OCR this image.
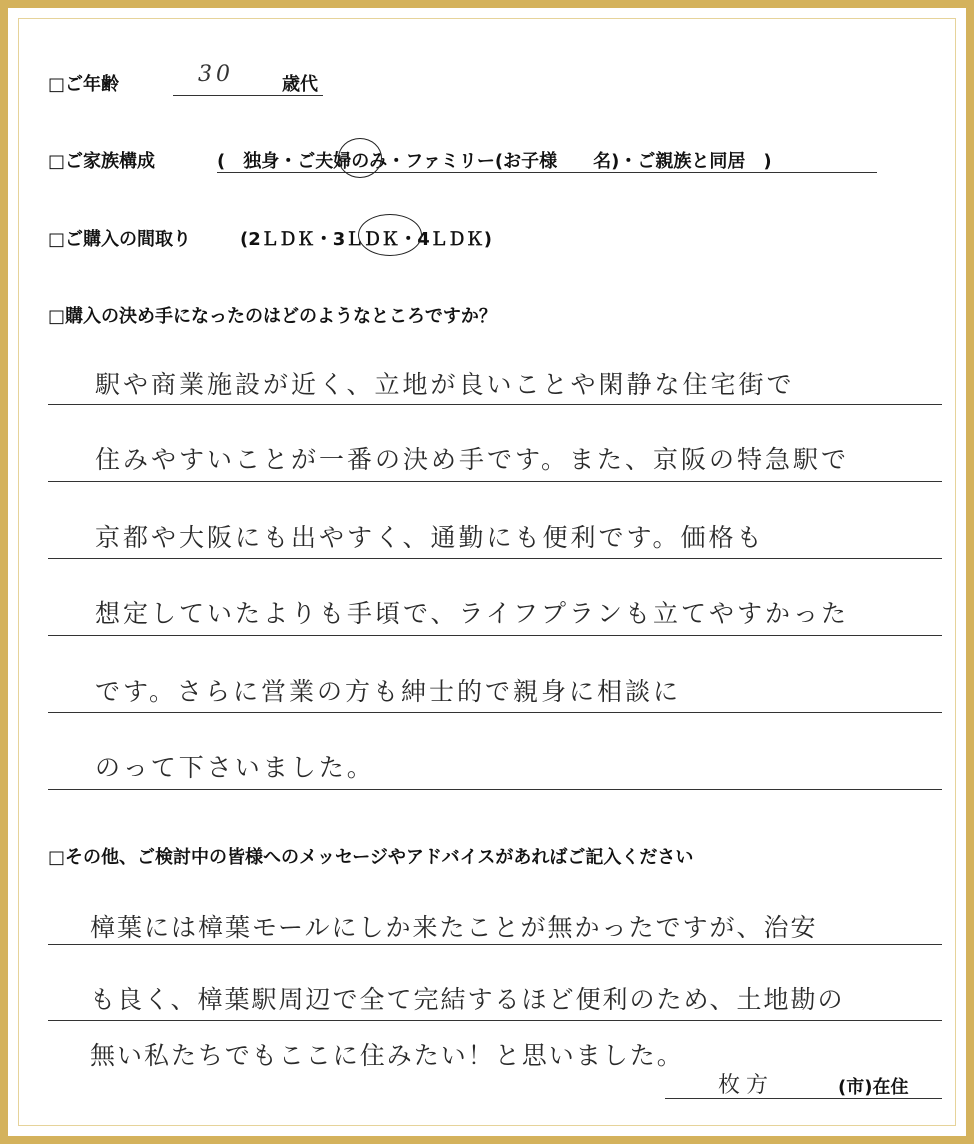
□ご年齢	30	歳代
□ご家族構成	(　独身・ご夫婦のみ・ファミリー(お子様　　名)・ご親族と同居　)
□ご購入の間取り	(2ＬＤＫ・3ＬＤＫ・4ＬＤＫ)
□購入の決め手になったのはどのようなところですか？
駅や商業施設が近く、立地が良いことや閑静な住宅街で
住みやすいことが一番の決め手です。また、京阪の特急駅で
京都や大阪にも出やすく、通勤にも便利です。価格も
想定していたよりも手頃で、ライフプランも立てやすかった
です。さらに営業の方も紳士的で親身に相談に
のって下さいました。
□その他、ご検討中の皆様へのメッセージやアドバイスがあればご記入ください
樟葉には樟葉モールにしか来たことが無かったですが、治安
も良く、樟葉駅周辺で全て完結するほど便利のため、土地勘の
無い私たちでもここに住みたい！と思いました。
枚方	(市)在住
